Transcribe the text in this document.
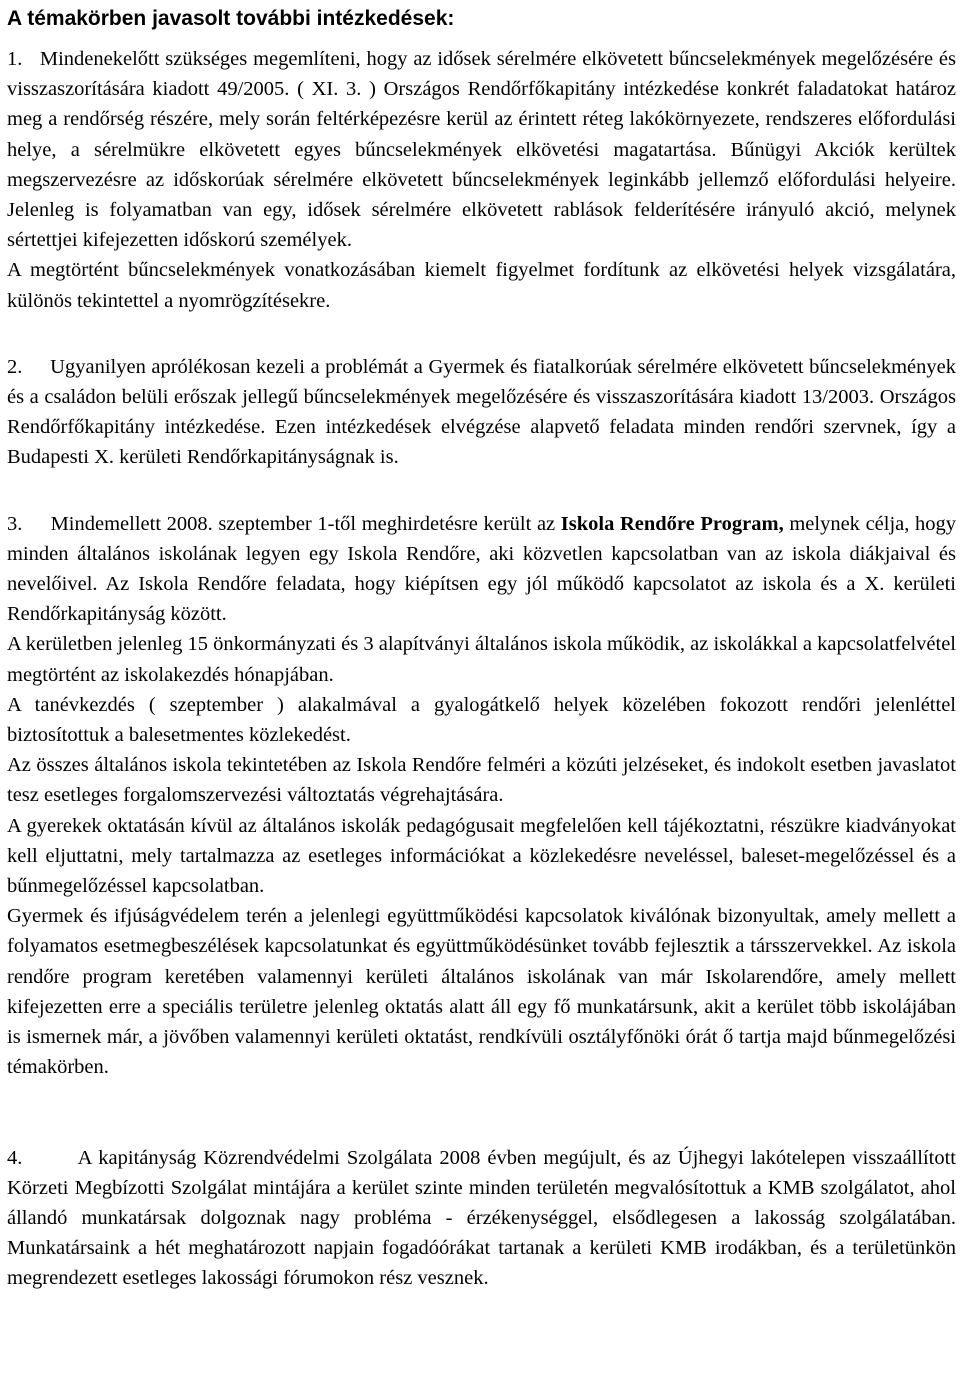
A témakörben javasolt további intézkedések:

1. Mindenekelőtt szükséges megemlíteni, hogy az idősek sérelmére elkövetett bűncselekmények megelőzésére és visszaszorítására kiadott 49/2005. ( XI. 3. ) Országos Rendőrfőkapitány intézkedése konkrét faladatokat határoz meg a rendőrség részére, mely során feltérképezésre kerül az érintett réteg lakókörnyezete, rendszeres előfordulási helye, a sérelmükre elkövetett egyes bűncselekmények elkövetési magatartása. Bűnügyi Akciók kerültek megszervezésre az időskorúak sérelmére elkövetett bűncselekmények leginkább jellemző előfordulási helyeire. Jelenleg is folyamatban van egy, idősek sérelmére elkövetett rablások felderítésére irányuló akció, melynek sértettjei kifejezetten időskorú személyek.

A megtörtént bűncselekmények vonatkozásában kiemelt figyelmet fordítunk az elkövetési helyek vizsgálatára, különös tekintettel a nyomrögzítésekre.

2. Ugyanilyen aprólékosan kezeli a problémát a Gyermek és fiatalkorúak sérelmére elkövetett bűncselekmények és a családon belüli erőszak jellegű bűncselekmények megelőzésére és visszaszorítására kiadott 13/2003. Országos Rendőrfőkapitány intézkedése. Ezen intézkedések elvégzése alapvető feladata minden rendőri szervnek, így a Budapesti X. kerületi Rendőrkapitányságnak is.

3. Mindemellett 2008. szeptember 1-től meghirdetésre került az Iskola Rendőre Program, melynek célja, hogy minden általános iskolának legyen egy Iskola Rendőre, aki közvetlen kapcsolatban van az iskola diákjaival és nevelőivel. Az Iskola Rendőre feladata, hogy kiépítsen egy jól működő kapcsolatot az iskola és a X. kerületi Rendőrkapitányság között.

A kerületben jelenleg 15 önkormányzati és 3 alapítványi általános iskola működik, az iskolákkal a kapcsolatfelvétel megtörtént az iskolakezdés hónapjában.

A tanévkezdés ( szeptember ) alakalmával a gyalogátkelő helyek közelében fokozott rendőri jelenléttel biztosítottuk a balesetmentes közlekedést.

Az összes általános iskola tekintetében az Iskola Rendőre felméri a közúti jelzéseket, és indokolt esetben javaslatot tesz esetleges forgalomszervezési változtatás végrehajtására.

A gyerekek oktatásán kívül az általános iskolák pedagógusait megfelelően kell tájékoztatni, részükre kiadványokat kell eljuttatni, mely tartalmazza az esetleges információkat a közlekedésre neveléssel, baleset-megelőzéssel és a bűnmegelőzéssel kapcsolatban.

Gyermek és ifjúságvédelem terén a jelenlegi együttműködési kapcsolatok kiválónak bizonyultak, amely mellett a folyamatos esetmegbeszélések kapcsolatunkat és együttműködésünket tovább fejlesztik a társszervekkel. Az iskola rendőre program keretében valamennyi kerületi általános iskolának van már Iskolarendőre, amely mellett kifejezetten erre a speciális területre jelenleg oktatás alatt áll egy fő munkatársunk, akit a kerület több iskolájában is ismernek már, a jövőben valamennyi kerületi oktatást, rendkívüli osztályfőnöki órát ő tartja majd bűnmegelőzési témakörben.

4.	A kapitányság Közrendvédelmi Szolgálata 2008 évben megújult, és az Újhegyi lakótelepen visszaállított Körzeti Megbízotti Szolgálat mintájára a kerület szinte minden területén megvalósítottuk a KMB szolgálatot, ahol állandó munkatársak dolgoznak nagy probléma - érzékenységgel, elsődlegesen a lakosság szolgálatában. Munkatársaink a hét meghatározott napjain fogadóórákat tartanak a kerületi KMB irodákban, és a területünkön megrendezett esetleges lakossági fórumokon rész vesznek.
